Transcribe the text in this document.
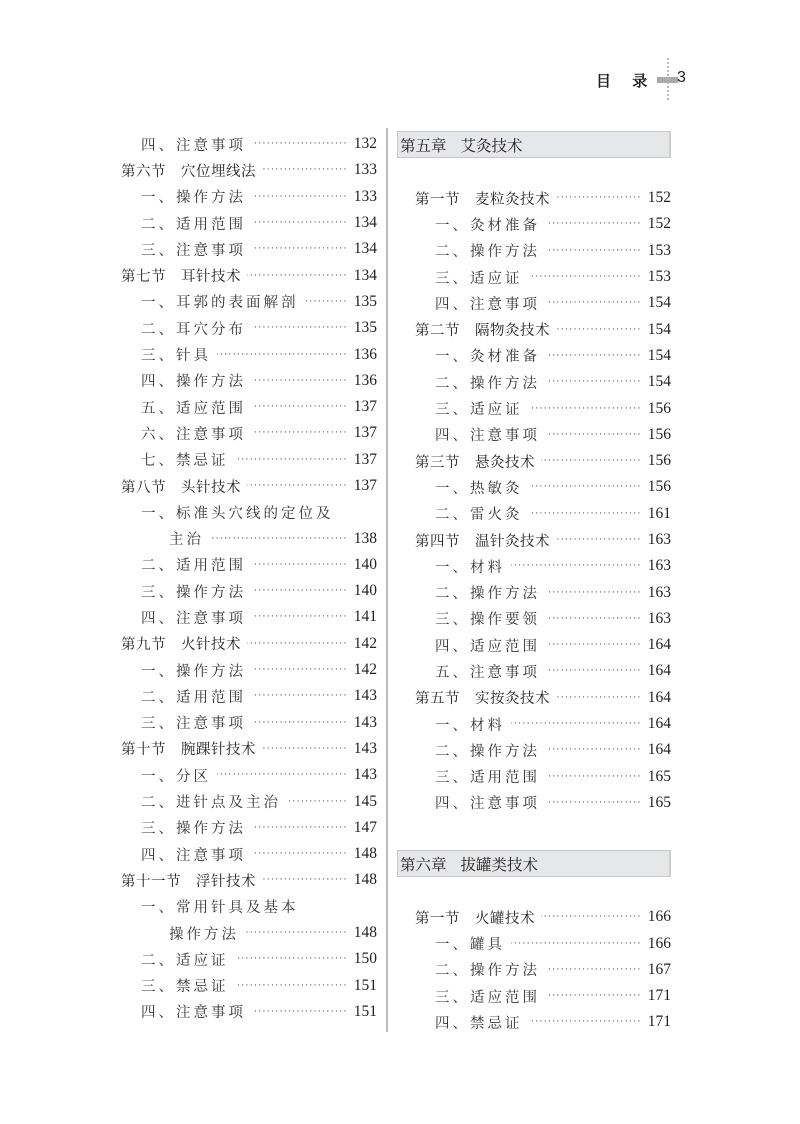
目 录 3
四、注意事项 ·····	132
第六节　穴位埋线法 ·····	133
一、操作方法 ·····	133
二、适用范围 ·····	134
三、注意事项 ·····	134
第七节　耳针技术 ·····	134
一、耳郭的表面解剖 ·····	135
二、耳穴分布 ·····	135
三、针具 ·····	136
四、操作方法 ·····	136
五、适应范围 ·····	137
六、注意事项 ·····	137
七、禁忌证 ·····	137
第八节　头针技术 ·····	137
一、标准头穴线的定位及
主治 ·····	138
二、适用范围 ·····	140
三、操作方法 ·····	140
四、注意事项 ·····	141
第九节　火针技术 ·····	142
一、操作方法 ·····	142
二、适用范围 ·····	143
三、注意事项 ·····	143
第十节　腕踝针技术 ·····	143
一、分区 ·····	143
二、进针点及主治 ·····	145
三、操作方法 ·····	147
四、注意事项 ·····	148
第十一节　浮针技术 ·····	148
一、常用针具及基本
操作方法 ·····	148
二、适应证 ·····	150
三、禁忌证 ·····	151
四、注意事项 ·····	151
第五章 艾灸技术
第一节　麦粒灸技术 ·····	152
一、灸材准备 ·····	152
二、操作方法 ·····	153
三、适应证 ·····	153
四、注意事项 ·····	154
第二节　隔物灸技术 ·····	154
一、灸材准备 ·····	154
二、操作方法 ·····	154
三、适应证 ·····	156
四、注意事项 ·····	156
第三节　悬灸技术 ·····	156
一、热敏灸 ·····	156
二、雷火灸 ·····	161
第四节　温针灸技术 ·····	163
一、材料 ·····	163
二、操作方法 ·····	163
三、操作要领 ·····	163
四、适应范围 ·····	164
五、注意事项 ·····	164
第五节　实按灸技术 ·····	164
一、材料 ·····	164
二、操作方法 ·····	164
三、适用范围 ·····	165
四、注意事项 ·····	165
第六章 拔罐类技术
第一节　火罐技术 ·····	166
一、罐具 ·····	166
二、操作方法 ·····	167
三、适应范围 ·····	171
四、禁忌证 ·····	171
